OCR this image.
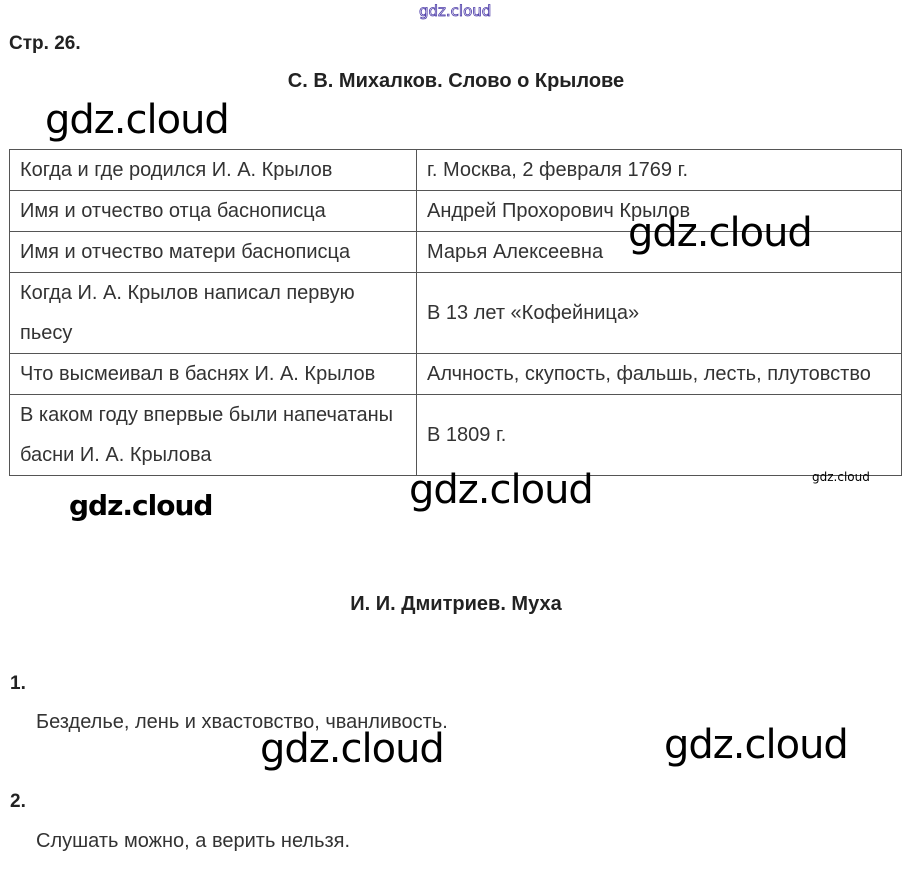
gdz.cloud
Стр. 26.
С. В. Михалков. Слово о Крылове
Когда и где родился И. А. Крылов	г. Москва, 2 февраля 1769 г.
Имя и отчество отца баснописца	Андрей Прохорович Крылов
Имя и отчество матери баснописца	Марья Алексеевна
Когда И. А. Крылов написал первую пьесу	В 13 лет «Кофейница»
Что высмеивал в баснях И. А. Крылов	Алчность, скупость, фальшь, лесть, плутовство
В каком году впервые были напечатаны басни И. А. Крылова	В 1809 г.
И. И. Дмитриев. Муха
1.
Безделье, лень и хвастовство, чванливость.
2.
Слушать можно, а верить нельзя.
gdz.cloud
gdz.cloud
gdz.cloud
gdz.cloud
gdz.cloud
gdz.cloud	gdz.cloud
